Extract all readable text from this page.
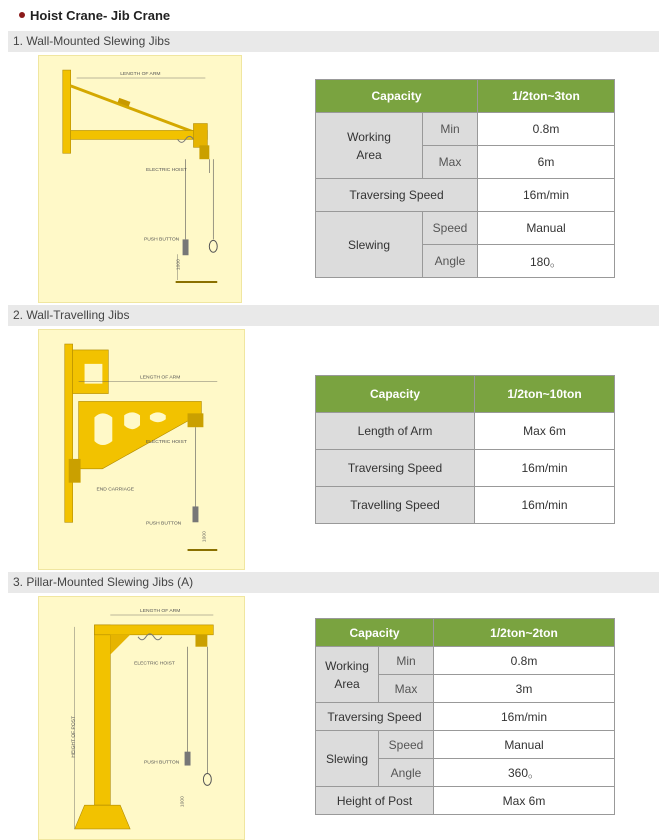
Hoist Crane- Jib Crane
1. Wall-Mounted Slewing Jibs
LENGTH OF ARM
ELECTRIC HOIST
PUSH BUTTON
1000
Capacity		1/2ton~3ton
Working Area	Min	0.8m
	Max	6m
Traversing Speed		16m/min
Slewing	Speed	Manual
	Angle	180。
2. Wall-Travelling Jibs
LENGTH OF ARM
ELECTRIC HOIST
END CARRIAGE
PUSH BUTTON
1000
Capacity	1/2ton~10ton
Length of Arm	Max 6m
Traversing Speed	16m/min
Travelling Speed	16m/min
3. Pillar-Mounted Slewing Jibs (A)
LENGTH OF ARM
ELECTRIC HOIST
HEIGHT OF POST
PUSH BUTTON
1000
Capacity		1/2ton~2ton
Working Area	Min	0.8m
	Max	3m
Traversing Speed		16m/min
Slewing	Speed	Manual
	Angle	360。
Height of Post		Max 6m
